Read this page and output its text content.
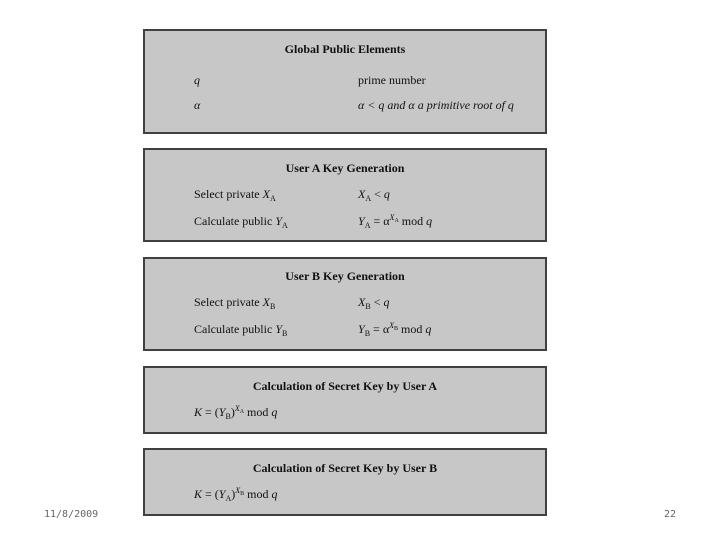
Global Public Elements
q	prime number
α	α < q and α a primitive root of q
User A Key Generation
Select private $X_A$	$X_A < q$
Calculate public $Y_A$	$Y_A = \alpha^{X_A}$ mod q
User B Key Generation
Select private $X_B$	$X_B < q$
Calculate public $Y_B$	$Y_B = \alpha^{X_B}$ mod q
Calculation of Secret Key by User A
$K = (Y_B)^{X_A}$ mod q
Calculation of Secret Key by User B
$K = (Y_A)^{X_B}$ mod q
11/8/2009	22
